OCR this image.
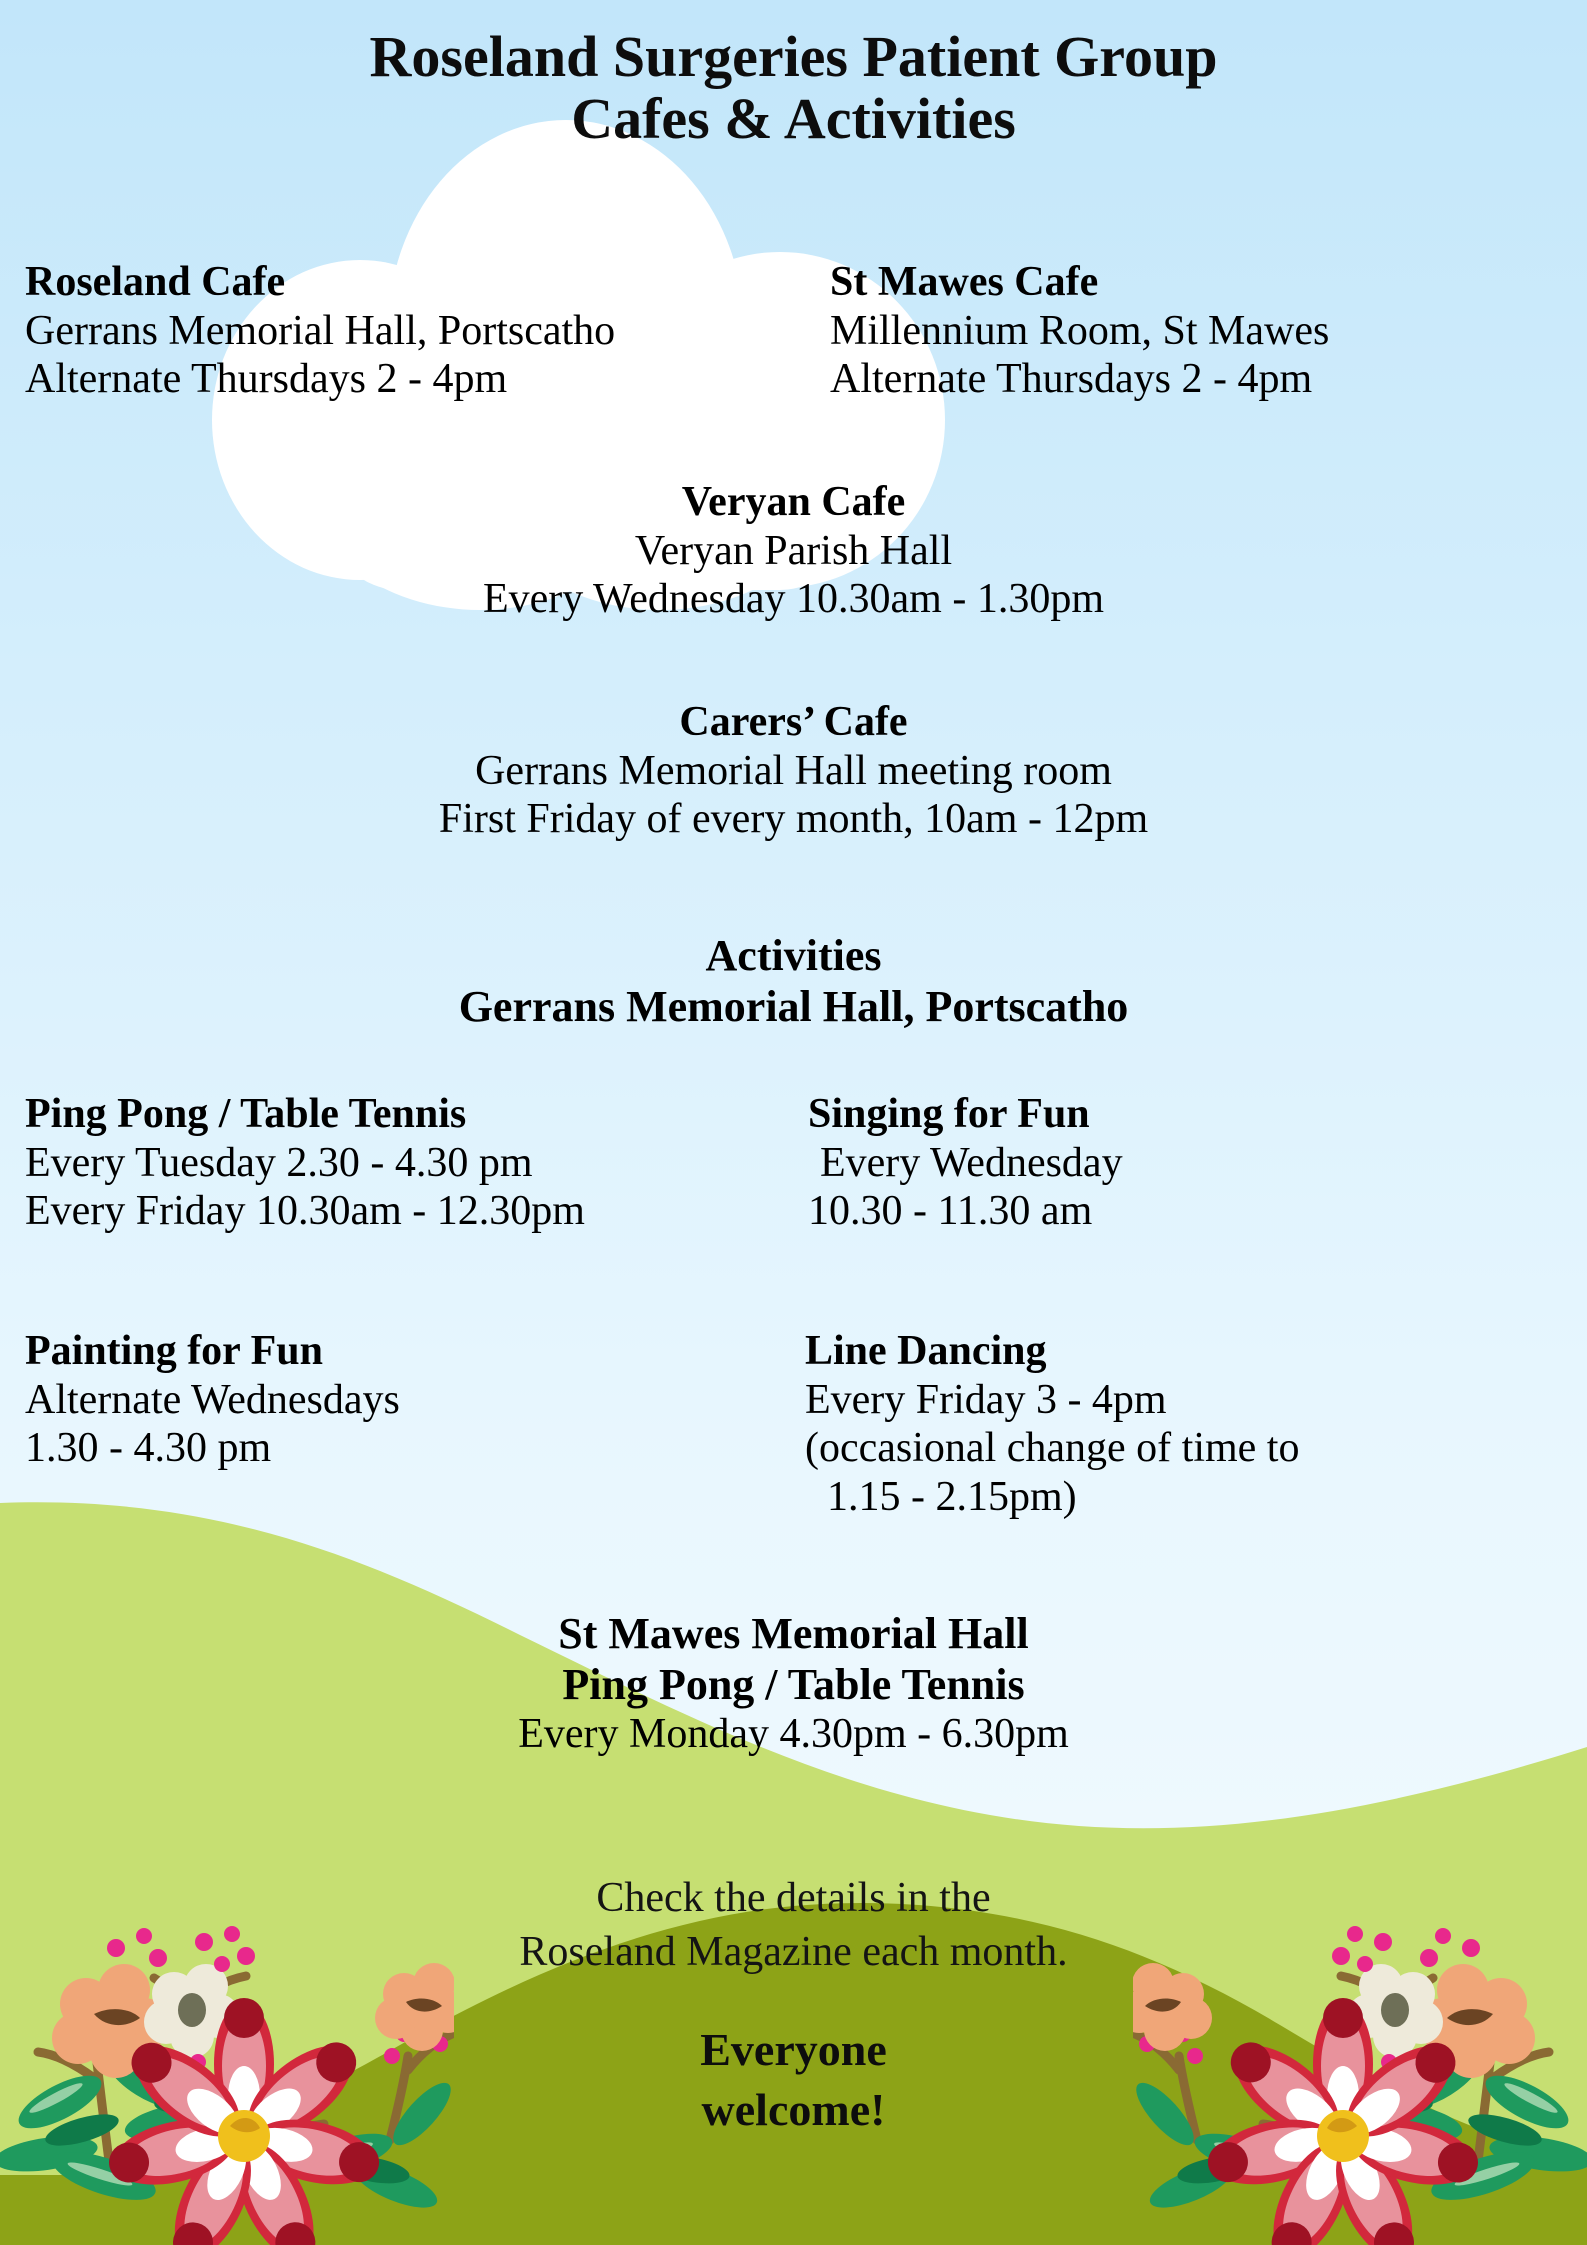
Roseland Surgeries Patient Group
Cafes & Activities
Roseland Cafe
Gerrans Memorial Hall, Portscatho
Alternate Thursdays 2 - 4pm
St Mawes Cafe
Millennium Room, St Mawes
Alternate Thursdays 2 - 4pm
Veryan Cafe
Veryan Parish Hall
Every Wednesday 10.30am - 1.30pm
Carers’ Cafe
Gerrans Memorial Hall meeting room
First Friday of every month, 10am - 12pm
Activities
Gerrans Memorial Hall, Portscatho
Ping Pong / Table Tennis
Every Tuesday 2.30 - 4.30 pm
Every Friday 10.30am - 12.30pm
Singing for Fun
Every Wednesday
10.30 - 11.30 am
Painting for Fun
Alternate Wednesdays
1.30 - 4.30 pm
Line Dancing
Every Friday 3 - 4pm
(occasional change of time to
1.15 - 2.15pm)
St Mawes Memorial Hall
Ping Pong / Table Tennis
Every Monday 4.30pm - 6.30pm
Check the details in the
Roseland Magazine each month.
Everyone
welcome!
